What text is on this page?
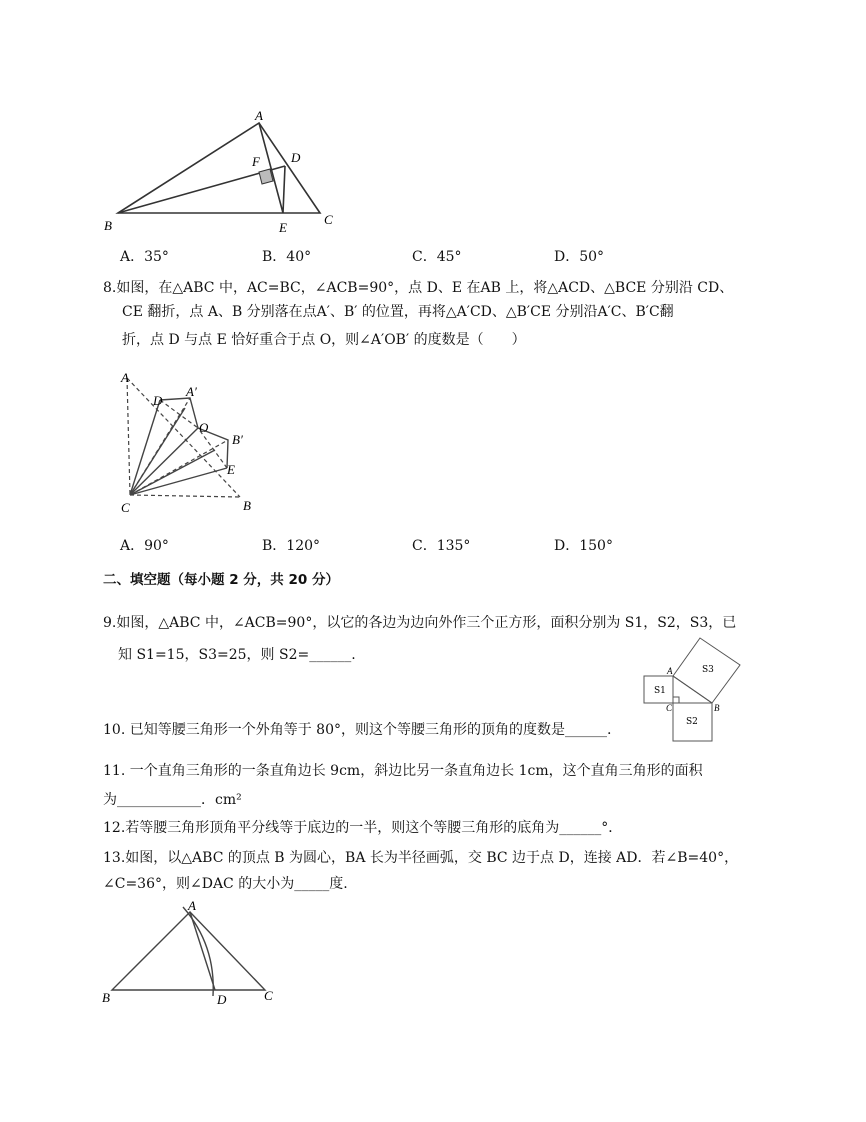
A
F D
B	E
C
A
D
A′
O
B′
E
C	B
A
C	B
S1
S3
S2
A
B	D	C
A．35°	B．40°	C．45°	D．50°
8.如图，在△ABC 中，AC=BC，∠ACB=90°，点 D、E 在AB 上，将△ACD、△BCE 分别沿 CD、
CE 翻折，点 A、B 分别落在点A′、B′ 的位置，再将△A′CD、△B′CE 分别沿A′C、B′C翻
折，点 D 与点 E 恰好重合于点 O，则∠A′OB′ 的度数是（　　）
A．90°	B．120°	C．135°	D．150°
二、填空题（每小题 2 分，共 20 分）
9.如图，△ABC 中，∠ACB=90°，以它的各边为边向外作三个正方形，面积分别为 S1，S2，S3，已
知 S1=15，S3=25，则 S2=______.
10. 已知等腰三角形一个外角等于 80°，则这个等腰三角形的顶角的度数是______.
11. 一个直角三角形的一条直角边长 9cm，斜边比另一条直角边长 1cm，这个直角三角形的面积
为____________．cm²
12.若等腰三角形顶角平分线等于底边的一半，则这个等腰三角形的底角为______°．
13.如图，以△ABC 的顶点 B 为圆心，BA 长为半径画弧，交 BC 边于点 D，连接 AD．若∠B=40°，
∠C=36°，则∠DAC 的大小为_____度.
